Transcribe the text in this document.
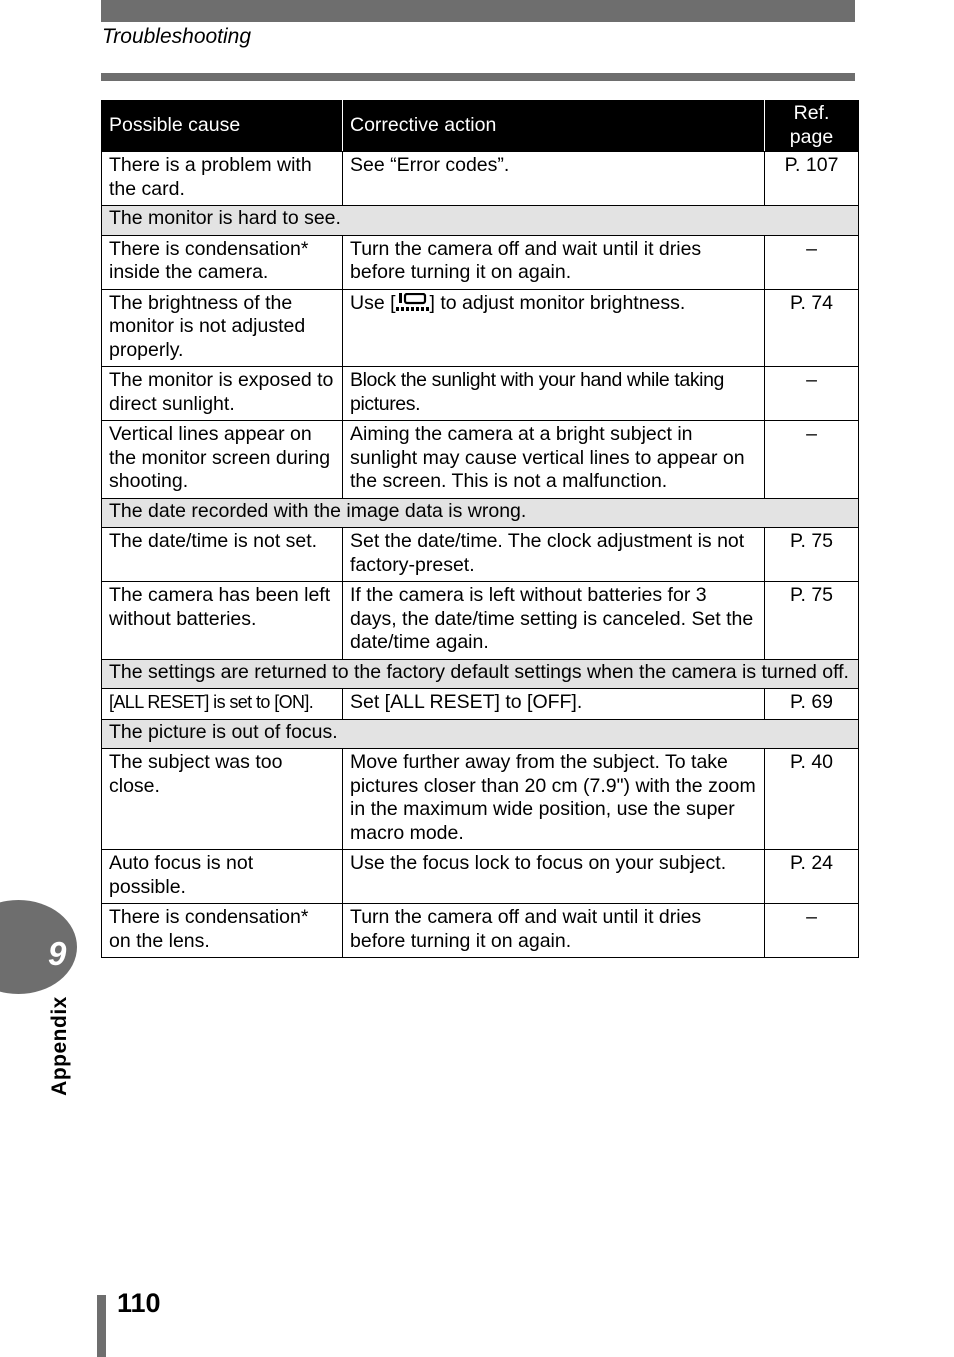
Troubleshooting
Possible cause	Corrective action	Ref. page
There is a problem with the card.	See “Error codes”.	P. 107
The monitor is hard to see.		
There is condensation* inside the camera.	Turn the camera off and wait until it dries before turning it on again.	–
The brightness of the monitor is not adjusted properly.	Use [ ] to adjust monitor brightness.	P. 74
The monitor is exposed to direct sunlight.	Block the sunlight with your hand while taking pictures.	–
Vertical lines appear on the monitor screen during shooting.	Aiming the camera at a bright subject in sunlight may cause vertical lines to appear on the screen. This is not a malfunction.	–
The date recorded with the image data is wrong.		
The date/time is not set.	Set the date/time. The clock adjustment is not factory-preset.	P. 75
The camera has been left without batteries.	If the camera is left without batteries for 3 days, the date/time setting is canceled. Set the date/time again.	P. 75
The settings are returned to the factory default settings when the camera is turned off.		
[ALL RESET] is set to [ON].	Set [ALL RESET] to [OFF].	P. 69
The picture is out of focus.		
The subject was too close.	Move further away from the subject. To take pictures closer than 20 cm (7.9") with the zoom in the maximum wide position, use the super macro mode.	P. 40
Auto focus is not possible.	Use the focus lock to focus on your subject.	P. 24
There is condensation* on the lens.	Turn the camera off and wait until it dries before turning it on again.	–
9
Appendix
110
